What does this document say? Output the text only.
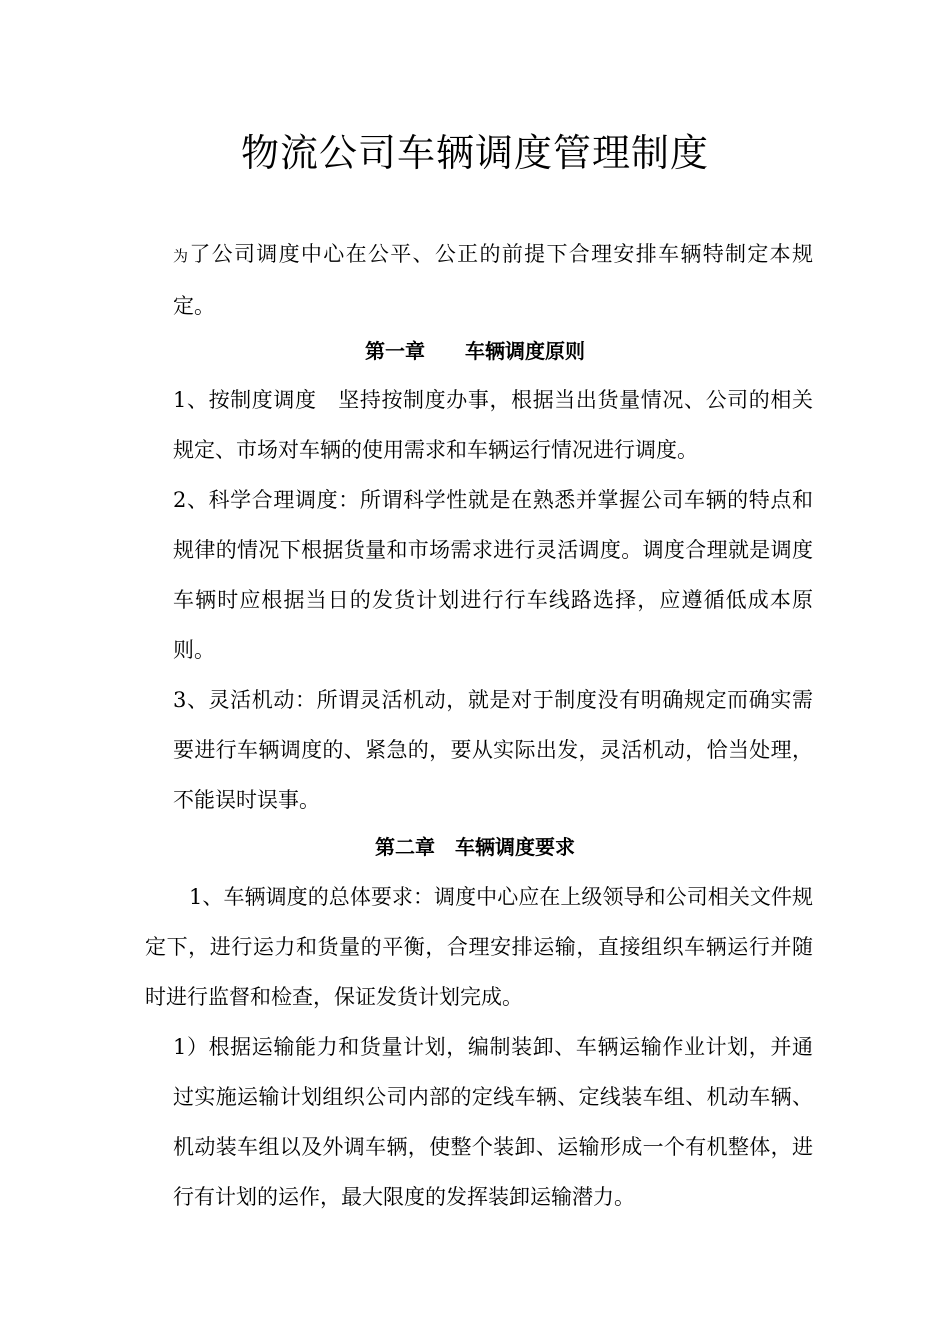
物流公司车辆调度管理制度

为了公司调度中心在公平、公正的前提下合理安排车辆特制定本规定。

第一章　　车辆调度原则

1、按制度调度　坚持按制度办事，根据当出货量情况、公司的相关规定、市场对车辆的使用需求和车辆运行情况进行调度。

2、科学合理调度：所谓科学性就是在熟悉并掌握公司车辆的特点和规律的情况下根据货量和市场需求进行灵活调度。调度合理就是调度车辆时应根据当日的发货计划进行行车线路选择，应遵循低成本原则。

3、灵活机动：所谓灵活机动，就是对于制度没有明确规定而确实需要进行车辆调度的、紧急的，要从实际出发，灵活机动，恰当处理，不能误时误事。

第二章　车辆调度要求

1、车辆调度的总体要求：调度中心应在上级领导和公司相关文件规定下，进行运力和货量的平衡，合理安排运输，直接组织车辆运行并随时进行监督和检查，保证发货计划完成。

1）根据运输能力和货量计划，编制装卸、车辆运输作业计划，并通过实施运输计划组织公司内部的定线车辆、定线装车组、机动车辆、机动装车组以及外调车辆，使整个装卸、运输形成一个有机整体，进行有计划的运作，最大限度的发挥装卸运输潜力。
